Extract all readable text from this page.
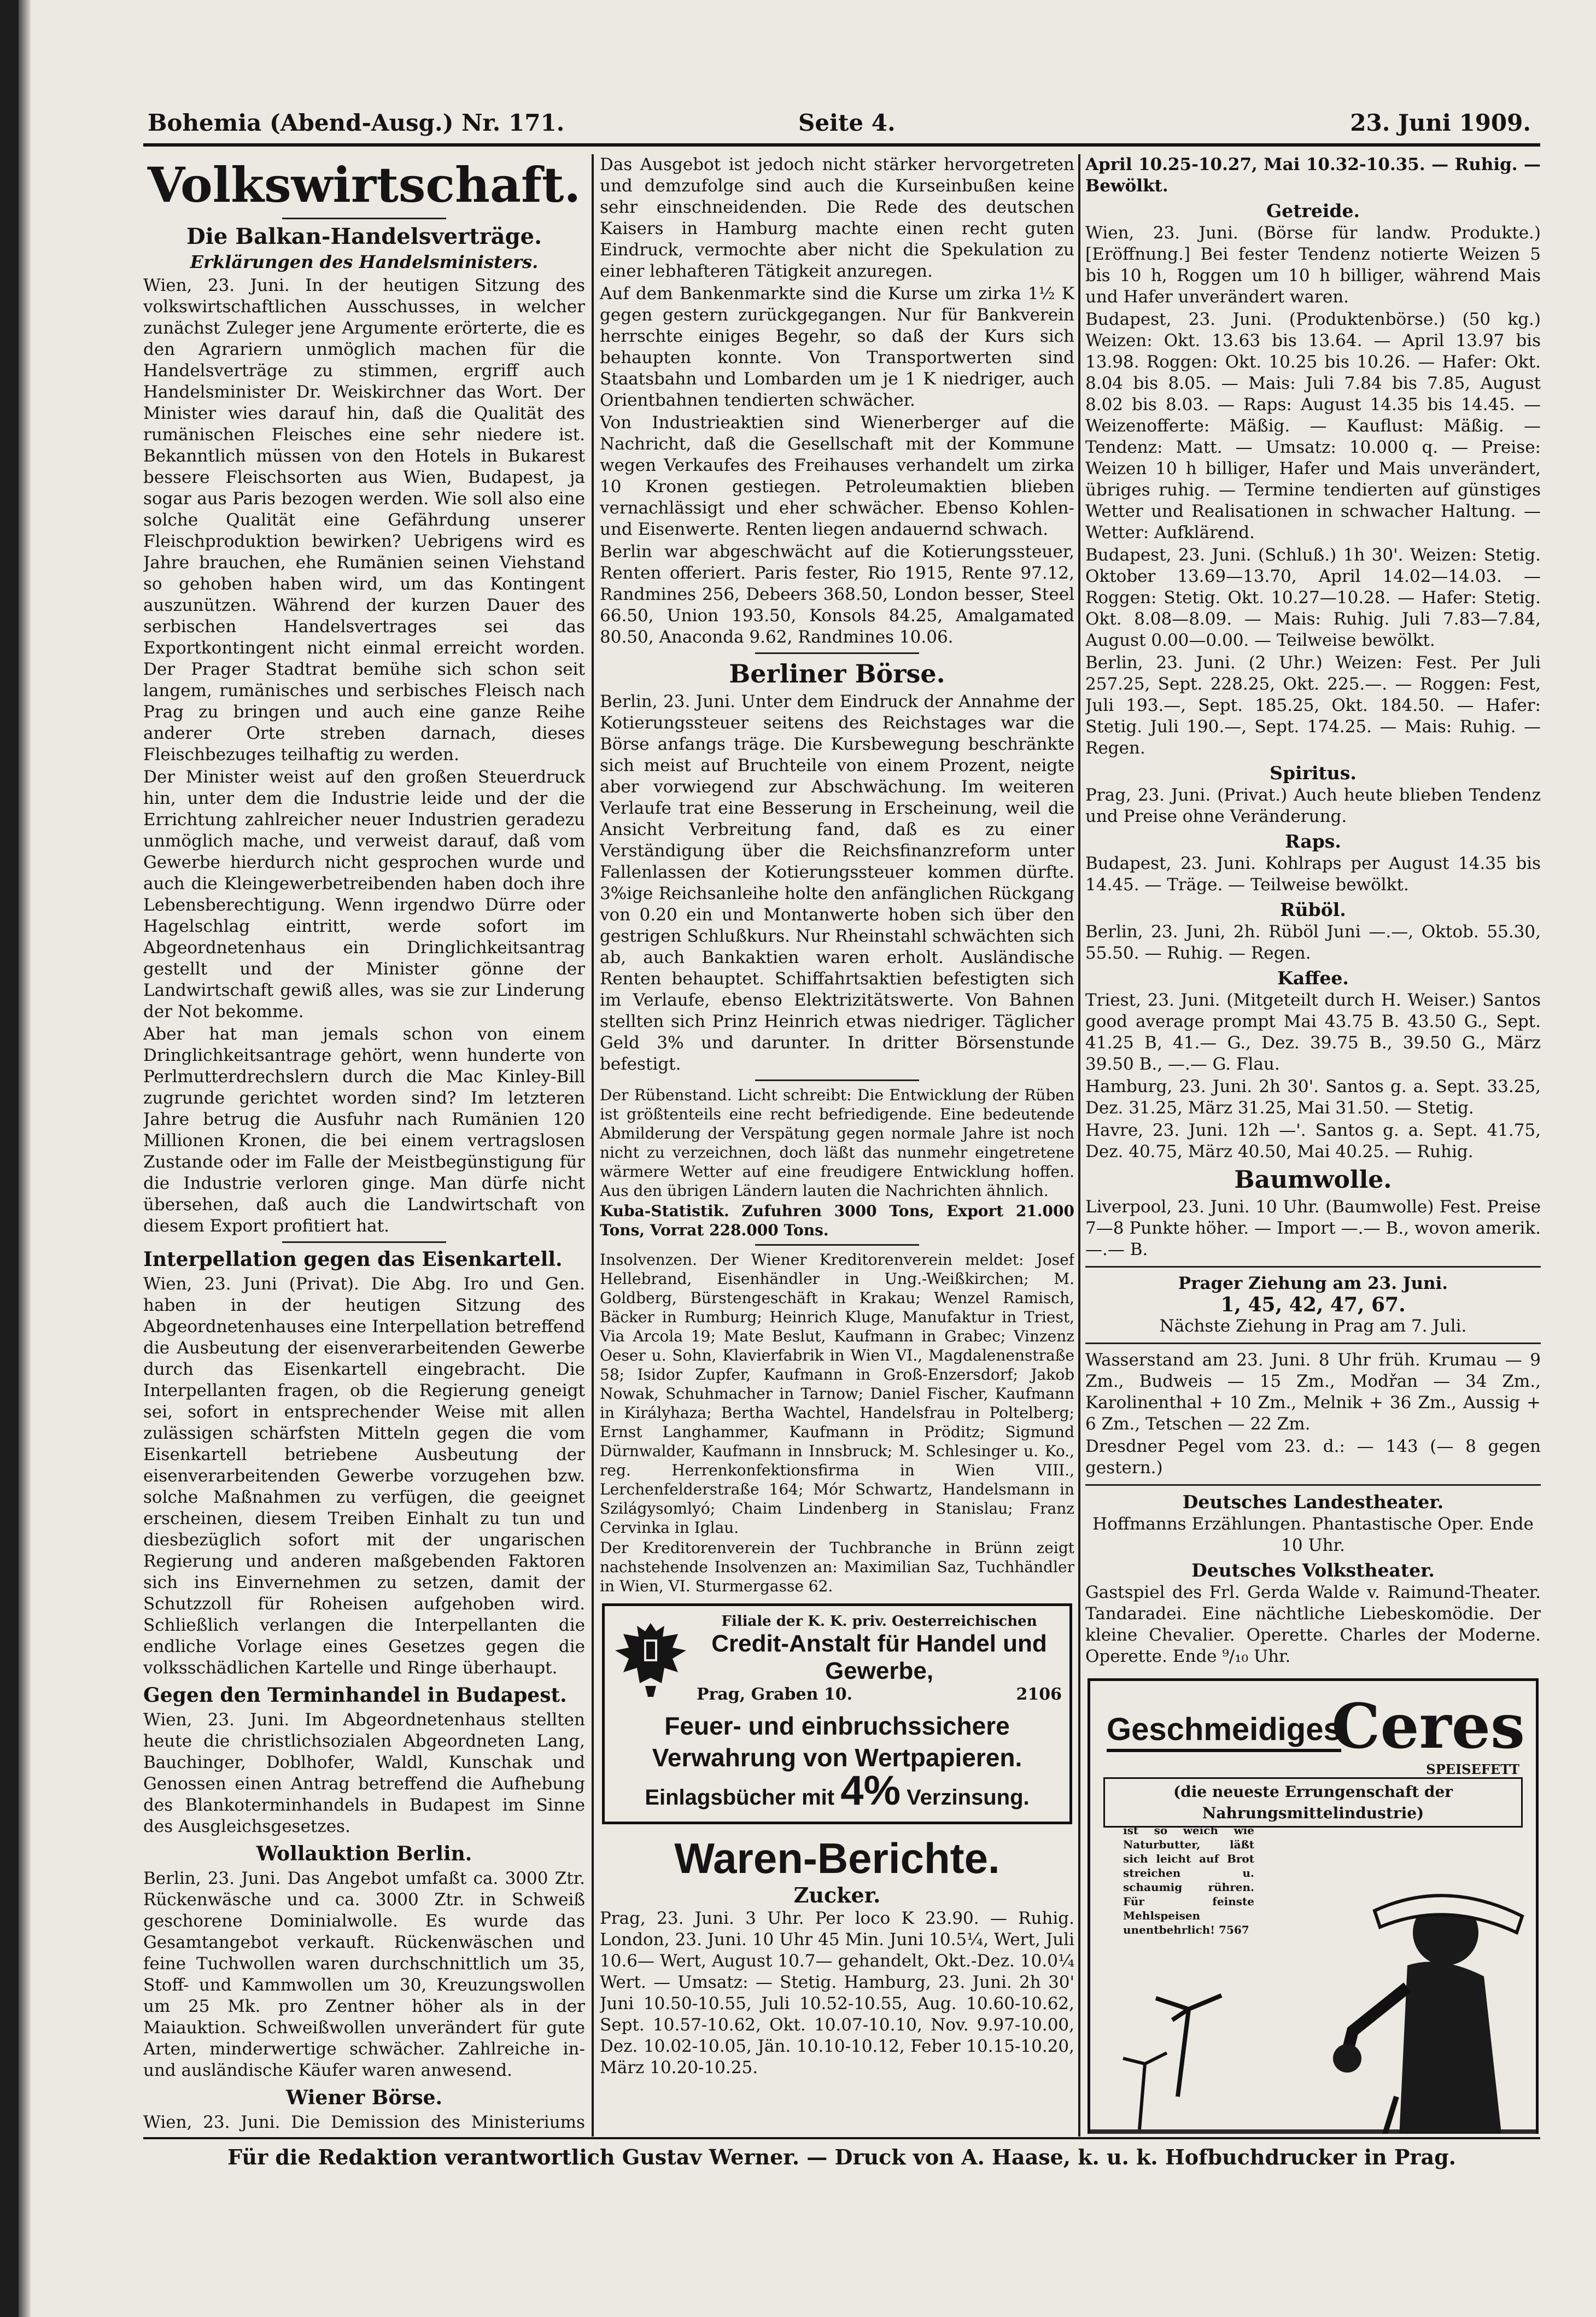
Bohemia (Abend-Ausg.) Nr. 171.	Seite 4.	23. Juni 1909.
Volkswirtschaft.
Die Balkan-Handelsverträge.
Erklärungen des Handelsministers.

Wien, 23. Juni. In der heutigen Sitzung des volkswirtschaftlichen Ausschusses, in welcher zunächst Zuleger jene Argumente erörterte, die es den Agrariern unmöglich machen für die Handelsverträge zu stimmen, ergriff auch Handelsminister Dr. Weiskirchner das Wort. Der Minister wies darauf hin, daß die Qualität des rumänischen Fleisches eine sehr niedere ist. Bekanntlich müssen von den Hotels in Bukarest bessere Fleischsorten aus Wien, Budapest, ja sogar aus Paris bezogen werden. Wie soll also eine solche Qualität eine Gefährdung unserer Fleischproduktion bewirken? Uebrigens wird es Jahre brauchen, ehe Rumänien seinen Viehstand so gehoben haben wird, um das Kontingent auszunützen. Während der kurzen Dauer des serbischen Handelsvertrages sei das Exportkontingent nicht einmal erreicht worden. Der Prager Stadtrat bemühe sich schon seit langem, rumänisches und serbisches Fleisch nach Prag zu bringen und auch eine ganze Reihe anderer Orte streben darnach, dieses Fleischbezuges teilhaftig zu werden.

Der Minister weist auf den großen Steuerdruck hin, unter dem die Industrie leide und der die Errichtung zahlreicher neuer Industrien geradezu unmöglich mache, und verweist darauf, daß vom Gewerbe hierdurch nicht gesprochen wurde und auch die Kleingewerbetreibenden haben doch ihre Lebensberechtigung. Wenn irgendwo Dürre oder Hagelschlag eintritt, werde sofort im Abgeordnetenhaus ein Dringlichkeitsantrag gestellt und der Minister gönne der Landwirtschaft gewiß alles, was sie zur Linderung der Not bekomme.

Aber hat man jemals schon von einem Dringlichkeitsantrage gehört, wenn hunderte von Perlmutterdrechslern durch die Mac Kinley-Bill zugrunde gerichtet worden sind? Im letzteren Jahre betrug die Ausfuhr nach Rumänien 120 Millionen Kronen, die bei einem vertragslosen Zustande oder im Falle der Meistbegünstigung für die Industrie verloren ginge. Man dürfe nicht übersehen, daß auch die Landwirtschaft von diesem Export profitiert hat.

Interpellation gegen das Eisenkartell.

Wien, 23. Juni (Privat). Die Abg. Iro und Gen. haben in der heutigen Sitzung des Abgeordnetenhauses eine Interpellation betreffend die Ausbeutung der eisenverarbeitenden Gewerbe durch das Eisenkartell eingebracht. Die Interpellanten fragen, ob die Regierung geneigt sei, sofort in entsprechender Weise mit allen zulässigen schärfsten Mitteln gegen die vom Eisenkartell betriebene Ausbeutung der eisenverarbeitenden Gewerbe vorzugehen bzw. solche Maßnahmen zu verfügen, die geeignet erscheinen, diesem Treiben Einhalt zu tun und diesbezüglich sofort mit der ungarischen Regierung und anderen maßgebenden Faktoren sich ins Einvernehmen zu setzen, damit der Schutzzoll für Roheisen aufgehoben wird. Schließlich verlangen die Interpellanten die endliche Vorlage eines Gesetzes gegen die volksschädlichen Kartelle und Ringe überhaupt.

Gegen den Terminhandel in Budapest.

Wien, 23. Juni. Im Abgeordnetenhaus stellten heute die christlichsozialen Abgeordneten Lang, Bauchinger, Doblhofer, Waldl, Kunschak und Genossen einen Antrag betreffend die Aufhebung des Blankoterminhandels in Budapest im Sinne des Ausgleichsgesetzes.

Wollauktion Berlin.

Berlin, 23. Juni. Das Angebot umfaßt ca. 3000 Ztr. Rückenwäsche und ca. 3000 Ztr. in Schweiß geschorene Dominialwolle. Es wurde das Gesamtangebot verkauft. Rückenwäschen und feine Tuchwollen waren durchschnittlich um 35, Stoff- und Kammwollen um 30, Kreuzungswollen um 25 Mk. pro Zentner höher als in der Maiauktion. Schweißwollen unverändert für gute Arten, minderwertige schwächer. Zahlreiche in- und ausländische Käufer waren anwesend.

Wiener Börse.

Wien, 23. Juni. Die Demission des Ministeriums

Das Ausgebot ist jedoch nicht stärker hervorgetreten und demzufolge sind auch die Kurseinbußen keine sehr einschneidenden. Die Rede des deutschen Kaisers in Hamburg machte einen recht guten Eindruck, vermochte aber nicht die Spekulation zu einer lebhafteren Tätigkeit anzuregen.

Auf dem Bankenmarkte sind die Kurse um zirka 1½ K gegen gestern zurückgegangen. Nur für Bankverein herrschte einiges Begehr, so daß der Kurs sich behaupten konnte. Von Transportwerten sind Staatsbahn und Lombarden um je 1 K niedriger, auch Orientbahnen tendierten schwächer.

Von Industrieaktien sind Wienerberger auf die Nachricht, daß die Gesellschaft mit der Kommune wegen Verkaufes des Freihauses verhandelt um zirka 10 Kronen gestiegen. Petroleumaktien blieben vernachlässigt und eher schwächer. Ebenso Kohlen- und Eisenwerte. Renten liegen andauernd schwach.

Berlin war abgeschwächt auf die Kotierungssteuer, Renten offeriert. Paris fester, Rio 1915, Rente 97.12, Randmines 256, Debeers 368.50, London besser, Steel 66.50, Union 193.50, Konsols 84.25, Amalgamated 80.50, Anaconda 9.62, Randmines 10.06.

Berliner Börse.

Berlin, 23. Juni. Unter dem Eindruck der Annahme der Kotierungssteuer seitens des Reichstages war die Börse anfangs träge. Die Kursbewegung beschränkte sich meist auf Bruchteile von einem Prozent, neigte aber vorwiegend zur Abschwächung. Im weiteren Verlaufe trat eine Besserung in Erscheinung, weil die Ansicht Verbreitung fand, daß es zu einer Verständigung über die Reichsfinanzreform unter Fallenlassen der Kotierungssteuer kommen dürfte. 3%ige Reichsanleihe holte den anfänglichen Rückgang von 0.20 ein und Montanwerte hoben sich über den gestrigen Schlußkurs. Nur Rheinstahl schwächten sich ab, auch Bankaktien waren erholt. Ausländische Renten behauptet. Schiffahrtsaktien befestigten sich im Verlaufe, ebenso Elektrizitätswerte. Von Bahnen stellten sich Prinz Heinrich etwas niedriger. Täglicher Geld 3% und darunter. In dritter Börsenstunde befestigt.

Der Rübenstand. Licht schreibt: Die Entwicklung der Rüben ist größtenteils eine recht befriedigende. Eine bedeutende Abmilderung der Verspätung gegen normale Jahre ist noch nicht zu verzeichnen, doch läßt das nunmehr eingetretene wärmere Wetter auf eine freudigere Entwicklung hoffen. Aus den übrigen Ländern lauten die Nachrichten ähnlich.

Kuba-Statistik. Zufuhren 3000 Tons, Export 21.000 Tons, Vorrat 228.000 Tons.

Insolvenzen. Der Wiener Kreditorenverein meldet: Josef Hellebrand, Eisenhändler in Ung.-Weißkirchen; M. Goldberg, Bürstengeschäft in Krakau; Wenzel Ramisch, Bäcker in Rumburg; Heinrich Kluge, Manufaktur in Triest, Via Arcola 19; Mate Beslut, Kaufmann in Grabec; Vinzenz Oeser u. Sohn, Klavierfabrik in Wien VI., Magdalenenstraße 58; Isidor Zupfer, Kaufmann in Groß-Enzersdorf; Jakob Nowak, Schuhmacher in Tarnow; Daniel Fischer, Kaufmann in Királyhaza; Bertha Wachtel, Handelsfrau in Poltelberg; Ernst Langhammer, Kaufmann in Pröditz; Sigmund Dürnwalder, Kaufmann in Innsbruck; M. Schlesinger u. Ko., reg. Herrenkonfektionsfirma in Wien VIII., Lerchenfelderstraße 164; Mór Schwartz, Handelsmann in Szilágysomlyó; Chaim Lindenberg in Stanislau; Franz Cervinka in Iglau.

Der Kreditorenverein der Tuchbranche in Brünn zeigt nachstehende Insolvenzen an: Maximilian Saz, Tuchhändler in Wien, VI. Sturmergasse 62.

Filiale der K. K. priv. Oesterreichischen
Credit-Anstalt für Handel und Gewerbe,
Prag, Graben 10.	2106
Feuer- und einbruchssichere Verwahrung von Wertpapieren.
Einlagsbücher mit 4% Verzinsung.
Waren-Berichte.
Zucker.

Prag, 23. Juni. 3 Uhr. Per loco K 23.90. — Ruhig. London, 23. Juni. 10 Uhr 45 Min. Juni 10.5¼, Wert, Juli 10.6— Wert, August 10.7— gehandelt, Okt.-Dez. 10.0¼ Wert. — Umsatz: — Stetig. Hamburg, 23. Juni. 2h 30' Juni 10.50-10.55, Juli 10.52-10.55, Aug. 10.60-10.62, Sept. 10.57-10.62, Okt. 10.07-10.10, Nov. 9.97-10.00, Dez. 10.02-10.05, Jän. 10.10-10.12, Feber 10.15-10.20, März 10.20-10.25.

April 10.25-10.27, Mai 10.32-10.35. — Ruhig. — Bewölkt.

Getreide.

Wien, 23. Juni. (Börse für landw. Produkte.) [Eröffnung.] Bei fester Tendenz notierte Weizen 5 bis 10 h, Roggen um 10 h billiger, während Mais und Hafer unverändert waren.

Budapest, 23. Juni. (Produktenbörse.) (50 kg.) Weizen: Okt. 13.63 bis 13.64. — April 13.97 bis 13.98. Roggen: Okt. 10.25 bis 10.26. — Hafer: Okt. 8.04 bis 8.05. — Mais: Juli 7.84 bis 7.85, August 8.02 bis 8.03. — Raps: August 14.35 bis 14.45. — Weizenofferte: Mäßig. — Kauflust: Mäßig. — Tendenz: Matt. — Umsatz: 10.000 q. — Preise: Weizen 10 h billiger, Hafer und Mais unverändert, übriges ruhig. — Termine tendierten auf günstiges Wetter und Realisationen in schwacher Haltung. — Wetter: Aufklärend.

Budapest, 23. Juni. (Schluß.) 1h 30'. Weizen: Stetig. Oktober 13.69—13.70, April 14.02—14.03. — Roggen: Stetig. Okt. 10.27—10.28. — Hafer: Stetig. Okt. 8.08—8.09. — Mais: Ruhig. Juli 7.83—7.84, August 0.00—0.00. — Teilweise bewölkt.

Berlin, 23. Juni. (2 Uhr.) Weizen: Fest. Per Juli 257.25, Sept. 228.25, Okt. 225.—. — Roggen: Fest, Juli 193.—, Sept. 185.25, Okt. 184.50. — Hafer: Stetig. Juli 190.—, Sept. 174.25. — Mais: Ruhig. — Regen.

Spiritus.

Prag, 23. Juni. (Privat.) Auch heute blieben Tendenz und Preise ohne Veränderung.

Raps.

Budapest, 23. Juni. Kohlraps per August 14.35 bis 14.45. — Träge. — Teilweise bewölkt.

Rüböl.

Berlin, 23. Juni, 2h. Rüböl Juni —.—, Oktob. 55.30, 55.50. — Ruhig. — Regen.

Kaffee.

Triest, 23. Juni. (Mitgeteilt durch H. Weiser.) Santos good average prompt Mai 43.75 B. 43.50 G., Sept. 41.25 B, 41.— G., Dez. 39.75 B., 39.50 G., März 39.50 B., —.— G. Flau.

Hamburg, 23. Juni. 2h 30'. Santos g. a. Sept. 33.25, Dez. 31.25, März 31.25, Mai 31.50. — Stetig.

Havre, 23. Juni. 12h —'. Santos g. a. Sept. 41.75, Dez. 40.75, März 40.50, Mai 40.25. — Ruhig.

Baumwolle.

Liverpool, 23. Juni. 10 Uhr. (Baumwolle) Fest. Preise 7—8 Punkte höher. — Import —.— B., wovon amerik. —.— B.

Prager Ziehung am 23. Juni.
1, 45, 42, 47, 67.
Nächste Ziehung in Prag am 7. Juli.

Wasserstand am 23. Juni. 8 Uhr früh. Krumau — 9 Zm., Budweis — 15 Zm., Modřan — 34 Zm., Karolinenthal + 10 Zm., Melnik + 36 Zm., Aussig + 6 Zm., Tetschen — 22 Zm.

Dresdner Pegel vom 23. d.: — 143 (— 8 gegen gestern.)

Deutsches Landestheater.

Hoffmanns Erzählungen. Phantastische Oper. Ende 10 Uhr.

Deutsches Volkstheater.

Gastspiel des Frl. Gerda Walde v. Raimund-Theater. Tandaradei. Eine nächtliche Liebeskomödie. Der kleine Chevalier. Operette. Charles der Moderne. Operette. Ende ⁹/₁₀ Uhr.

Geschmeidiges
Ceres
SPEISEFETT
(die neueste Errungenschaft der Nahrungsmittelindustrie)
ist so weich wie Naturbutter, läßt sich leicht auf Brot streichen u. schaumig rühren. Für feinste Mehlspeisen unentbehrlich! 7567
Für die Redaktion verantwortlich Gustav Werner. — Druck von A. Haase, k. u. k. Hofbuchdrucker in Prag.
